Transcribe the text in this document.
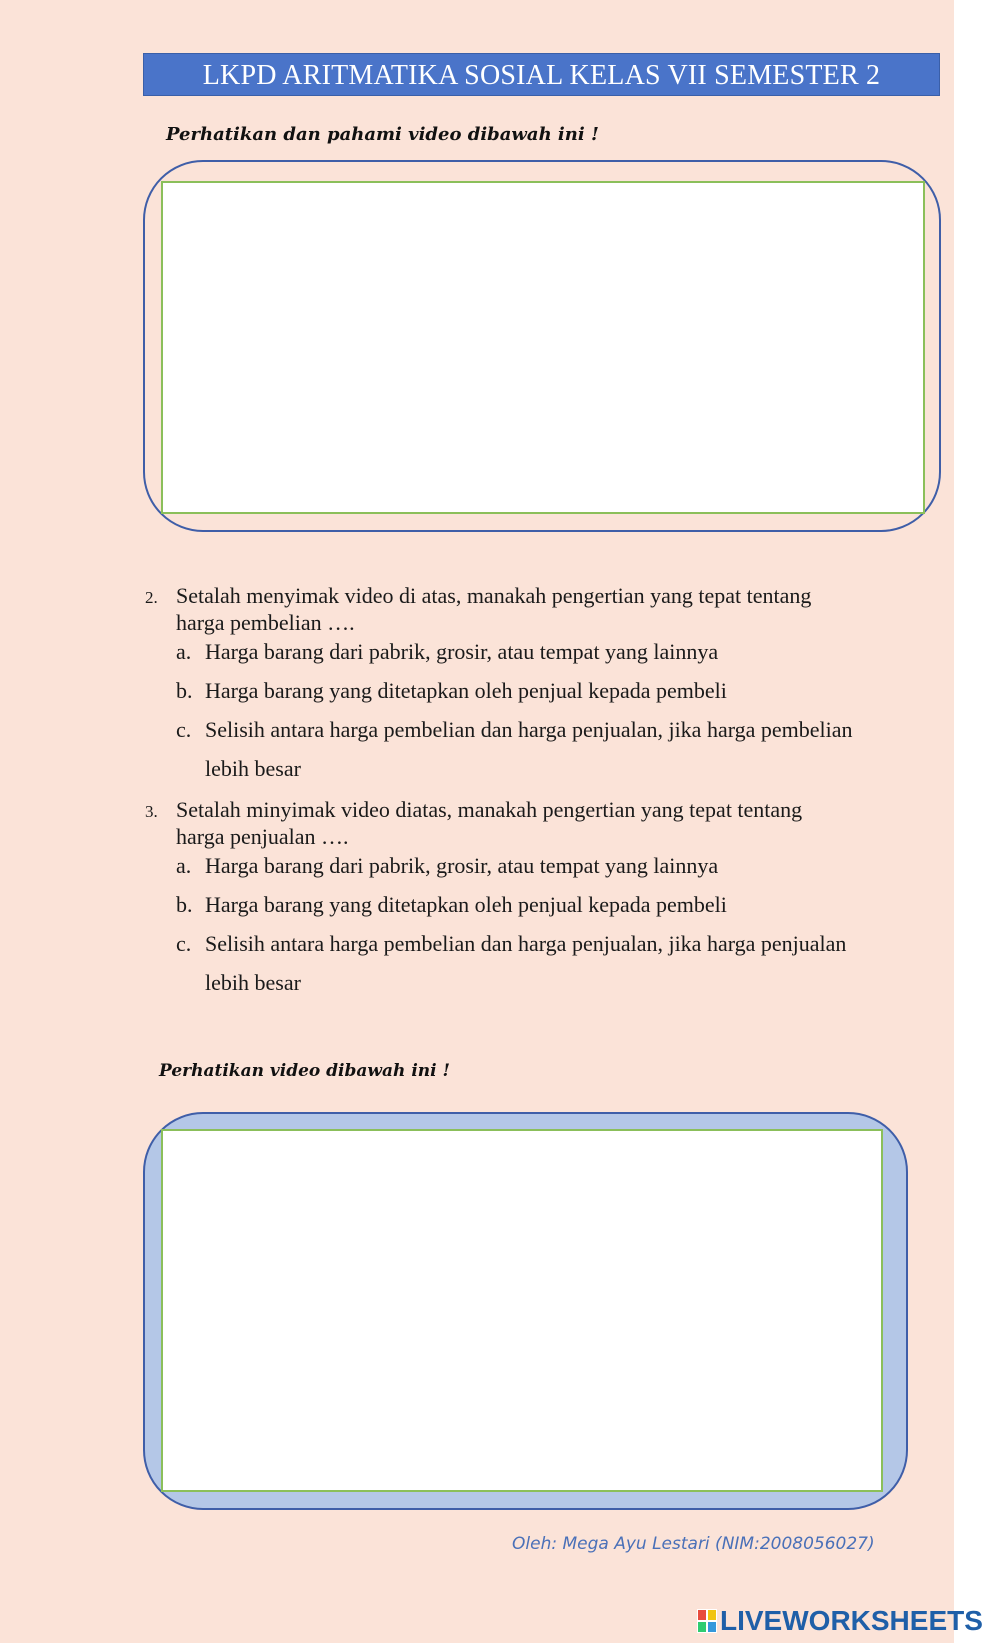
LKPD ARITMATIKA SOSIAL KELAS VII SEMESTER 2
Perhatikan dan pahami video dibawah ini !
2. Setalah menyimak video di atas, manakah pengertian yang tepat tentang
harga pembelian ….
a. Harga barang dari pabrik, grosir, atau tempat yang lainnya
b. Harga barang yang ditetapkan oleh penjual kepada pembeli
c. Selisih antara harga pembelian dan harga penjualan, jika harga pembelian
lebih besar
3. Setalah minyimak video diatas, manakah pengertian yang tepat tentang
harga penjualan ….
a. Harga barang dari pabrik, grosir, atau tempat yang lainnya
b. Harga barang yang ditetapkan oleh penjual kepada pembeli
c. Selisih antara harga pembelian dan harga penjualan, jika harga penjualan
lebih besar
Perhatikan video dibawah ini !
Oleh: Mega Ayu Lestari (NIM:2008056027)
LIVEWORKSHEETS
